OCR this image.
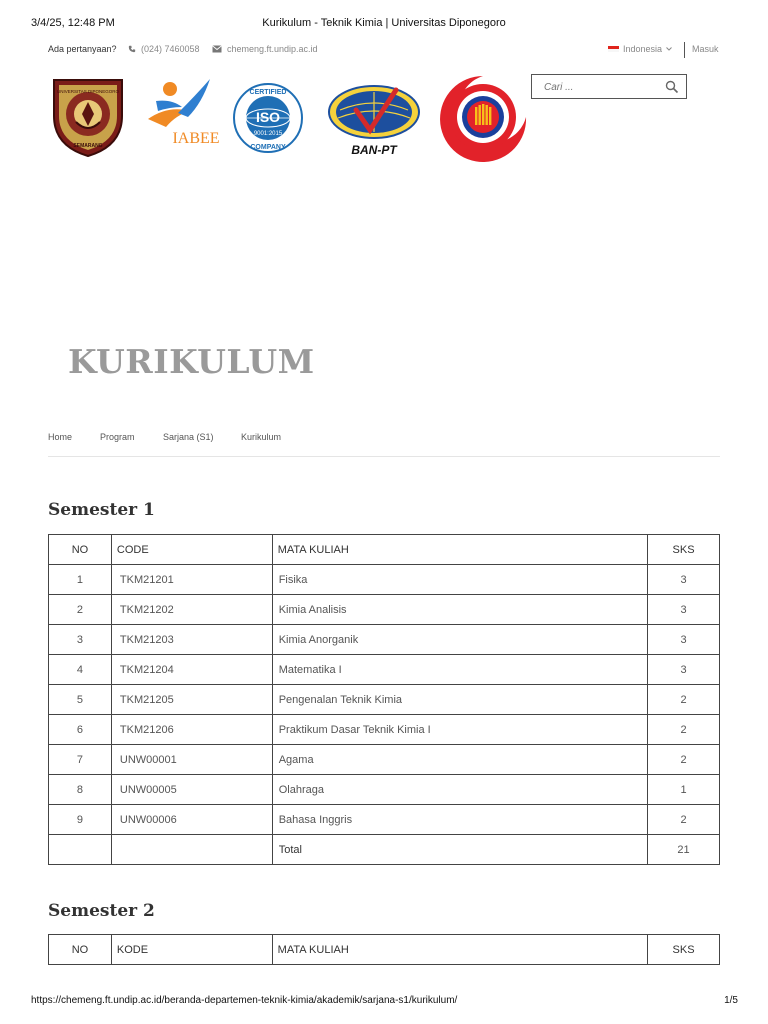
3/4/25, 12:48 PM	Kurikulum - Teknik Kimia | Universitas Diponegoro
Ada pertanyaan?	(024) 7460058	chemeng.ft.undip.ac.id	Indonesia	Masuk
Cari ...
UNIVERSITAS DIPONEGORO
SEMARANG	IABEE
CERTIFIED
ISO
9001:2015
COMPANY	BAN-PT
KURIKULUM
Home	Program	Sarjana (S1)	Kurikulum
Semester 1
NO	CODE	MATA KULIAH	SKS
1	TKM21201	Fisika	3
2	TKM21202	Kimia Analisis	3
3	TKM21203	Kimia Anorganik	3
4	TKM21204	Matematika I	3
5	TKM21205	Pengenalan Teknik Kimia	2
6	TKM21206	Praktikum Dasar Teknik Kimia I	2
7	UNW00001	Agama	2
8	UNW00005	Olahraga	1
9	UNW00006	Bahasa Inggris	2
		Total	21
Semester 2
NO	KODE	MATA KULIAH	SKS
https://chemeng.ft.undip.ac.id/beranda-departemen-teknik-kimia/akademik/sarjana-s1/kurikulum/	1/5
